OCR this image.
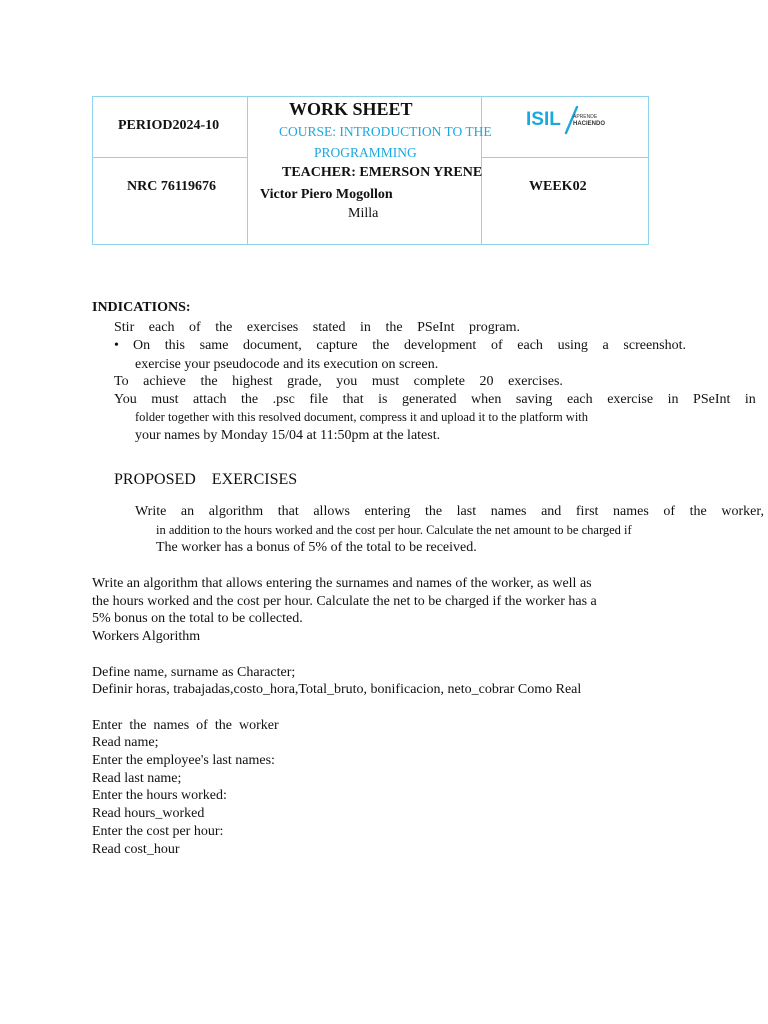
PERIOD2024-10
NRC 76119676
WORK SHEET
COURSE: INTRODUCTION TO THE
PROGRAMMING
TEACHER: EMERSON YRENE
Victor Piero Mogollon
Milla
ISIL APRENDE
HACIENDO
WEEK02
INDICATIONS:
Stir each of the exercises stated in the PSeInt program.
• On this same document, capture the development of each using a screenshot.
exercise your pseudocode and its execution on screen.
To achieve the highest grade, you must complete 20 exercises.
You must attach the .psc file that is generated when saving each exercise in PSeInt in
folder together with this resolved document, compress it and upload it to the platform with
your names by Monday 15/04 at 11:50pm at the latest.
PROPOSED    EXERCISES
Write an algorithm that allows entering the last names and first names of the worker,
in addition to the hours worked and the cost per hour. Calculate the net amount to be charged if
The worker has a bonus of 5% of the total to be received.
Write an algorithm that allows entering the surnames and names of the worker, as well as
the hours worked and the cost per hour. Calculate the net to be charged if the worker has a
5% bonus on the total to be collected.
Workers Algorithm

Define name, surname as Character;
Definir horas, trabajadas,costo_hora,Total_bruto, bonificacion, neto_cobrar Como Real

Enter  the  names  of  the  worker
Read name;
Enter the employee's last names:
Read last name;
Enter the hours worked:
Read hours_worked
Enter the cost per hour:
Read cost_hour
